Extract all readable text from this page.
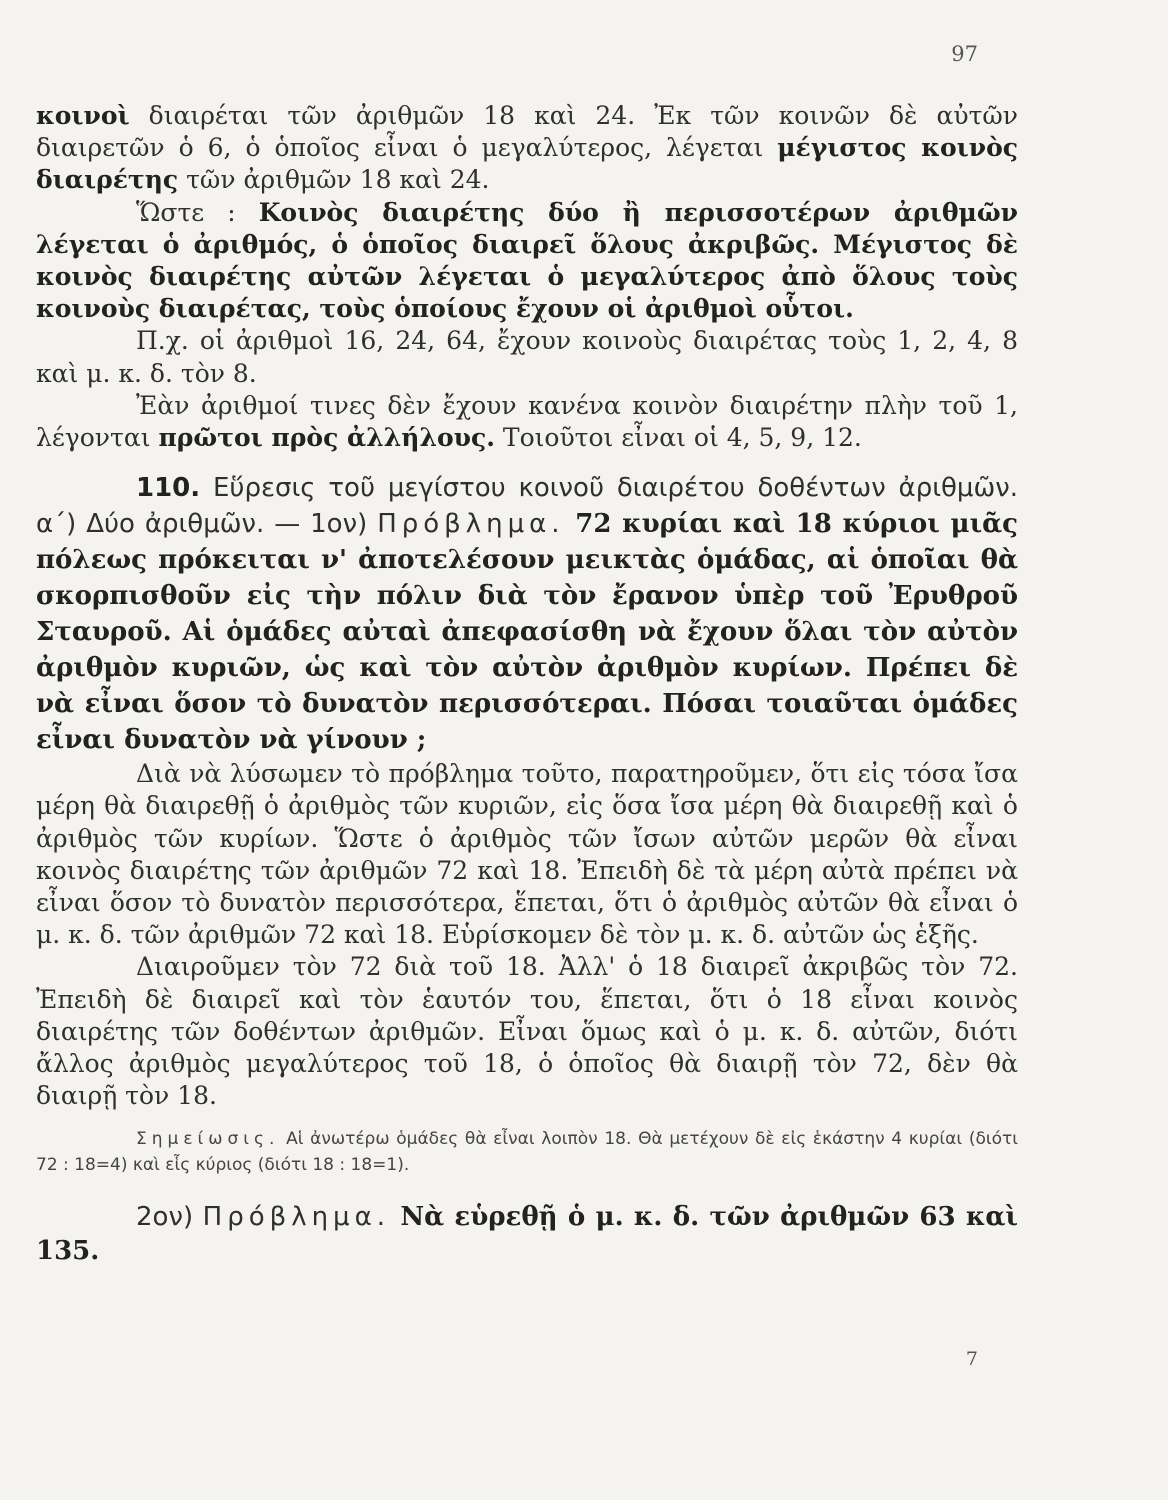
97

κοινοὶ διαιρέται τῶν ἀριθμῶν 18 καὶ 24. Ἐκ τῶν κοινῶν δὲ αὐτῶν διαιρετῶν ὁ 6, ὁ ὁποῖος εἶναι ὁ μεγαλύτερος, λέγεται μέγιστος κοινὸς διαιρέτης τῶν ἀριθμῶν 18 καὶ 24.

Ὥστε : Κοινὸς διαιρέτης δύο ἢ περισσοτέρων ἀριθμῶν λέγεται ὁ ἀριθμός, ὁ ὁποῖος διαιρεῖ ὅλους ἀκριβῶς. Μέγιστος δὲ κοινὸς διαιρέτης αὐτῶν λέγεται ὁ μεγαλύτερος ἀπὸ ὅλους τοὺς κοινοὺς διαιρέτας, τοὺς ὁποίους ἔχουν οἱ ἀριθμοὶ οὗτοι.

Π.χ. οἱ ἀριθμοὶ 16, 24, 64, ἔχουν κοινοὺς διαιρέτας τοὺς 1, 2, 4, 8 καὶ μ. κ. δ. τὸν 8.

Ἐὰν ἀριθμοί τινες δὲν ἔχουν κανένα κοινὸν διαιρέτην πλὴν τοῦ 1, λέγονται πρῶτοι πρὸς ἀλλήλους. Τοιοῦτοι εἶναι οἱ 4, 5, 9, 12.

110. Εὕρεσις τοῦ μεγίστου κοινοῦ διαιρέτου δοθέντων ἀριθμῶν. α΄) Δύο ἀριθμῶν. — 1ον) Πρόβλημα. 72 κυρίαι καὶ 18 κύριοι μιᾶς πόλεως πρόκειται ν' ἀποτελέσουν μεικτὰς ὁμάδας, αἱ ὁποῖαι θὰ σκορπισθοῦν εἰς τὴν πόλιν διὰ τὸν ἔρανον ὑπὲρ τοῦ Ἐρυθροῦ Σταυροῦ. Αἱ ὁμάδες αὐταὶ ἀπεφασίσθη νὰ ἔχουν ὅλαι τὸν αὐτὸν ἀριθμὸν κυριῶν, ὡς καὶ τὸν αὐτὸν ἀριθμὸν κυρίων. Πρέπει δὲ νὰ εἶναι ὅσον τὸ δυνατὸν περισσότεραι. Πόσαι τοιαῦται ὁμάδες εἶναι δυνατὸν νὰ γίνουν ;

Διὰ νὰ λύσωμεν τὸ πρόβλημα τοῦτο, παρατηροῦμεν, ὅτι εἰς τόσα ἴσα μέρη θὰ διαιρεθῇ ὁ ἀριθμὸς τῶν κυριῶν, εἰς ὅσα ἴσα μέρη θὰ διαιρεθῇ καὶ ὁ ἀριθμὸς τῶν κυρίων. Ὥστε ὁ ἀριθμὸς τῶν ἴσων αὐτῶν μερῶν θὰ εἶναι κοινὸς διαιρέτης τῶν ἀριθμῶν 72 καὶ 18. Ἐπειδὴ δὲ τὰ μέρη αὐτὰ πρέπει νὰ εἶναι ὅσον τὸ δυνατὸν περισσότερα, ἕπεται, ὅτι ὁ ἀριθμὸς αὐτῶν θὰ εἶναι ὁ μ. κ. δ. τῶν ἀριθμῶν 72 καὶ 18. Εὑρίσκομεν δὲ τὸν μ. κ. δ. αὐτῶν ὡς ἑξῆς.

Διαιροῦμεν τὸν 72 διὰ τοῦ 18. Ἀλλ' ὁ 18 διαιρεῖ ἀκριβῶς τὸν 72. Ἐπειδὴ δὲ διαιρεῖ καὶ τὸν ἑαυτόν του, ἕπεται, ὅτι ὁ 18 εἶναι κοινὸς διαιρέτης τῶν δοθέντων ἀριθμῶν. Εἶναι ὅμως καὶ ὁ μ. κ. δ. αὐτῶν, διότι ἄλλος ἀριθμὸς μεγαλύτερος τοῦ 18, ὁ ὁποῖος θὰ διαιρῇ τὸν 72, δὲν θὰ διαιρῇ τὸν 18.

Σημείωσις. Αἱ ἀνωτέρω ὁμάδες θὰ εἶναι λοιπὸν 18. Θὰ μετέχουν δὲ εἰς ἑκάστην 4 κυρίαι (διότι 72 : 18=4) καὶ εἷς κύριος (διότι 18 : 18=1).

2ον) Πρόβλημα. Νὰ εὑρεθῇ ὁ μ. κ. δ. τῶν ἀριθμῶν 63 καὶ 135.

7
